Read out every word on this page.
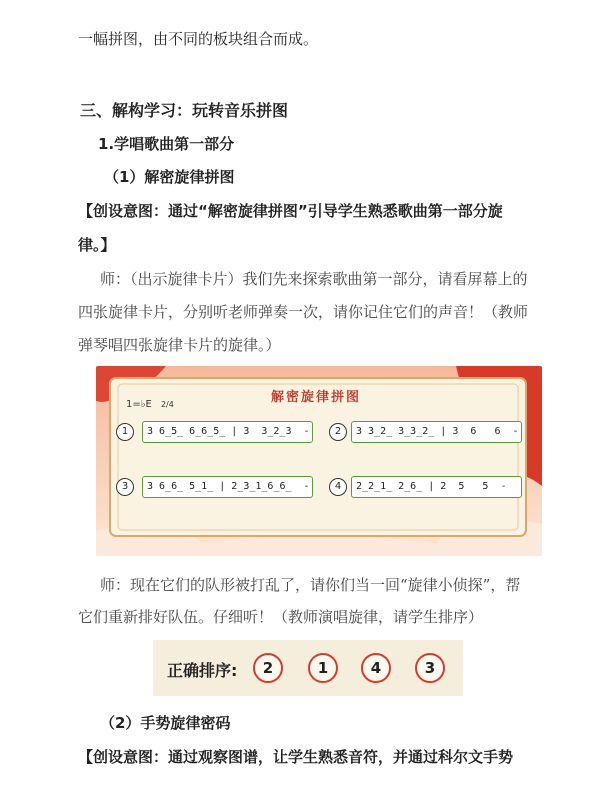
一幅拼图，由不同的板块组合而成。
三、解构学习：玩转音乐拼图
1.学唱歌曲第一部分
（1）解密旋律拼图
【创设意图：通过“解密旋律拼图”引导学生熟悉歌曲第一部分旋
律。】
师：（出示旋律卡片）我们先来探索歌曲第一部分，请看屏幕上的
四张旋律卡片，分别听老师弹奏一次，请你记住它们的声音！（教师
弹琴唱四张旋律卡片的旋律。）
解密旋律拼图
1=♭E 2/4
1	3 6̲5̲ 6̲6̲5̲ | 3  3̲2̲3  -	2	3 3̲2̲ 3̲3̲2̲ | 3  6   6  -
3	3 6̲6̲ 5̲1̲ | 2̲3̲1̲6̲6̲  -	4	2̲2̲1̲ 2̲6̲ | 2  5   5  -
师：现在它们的队形被打乱了，请你们当一回“旋律小侦探”，帮
它们重新排好队伍。仔细听！（教师演唱旋律，请学生排序）
正确排序:	2	1	4	3
（2）手势旋律密码
【创设意图：通过观察图谱，让学生熟悉音符，并通过科尔文手势
